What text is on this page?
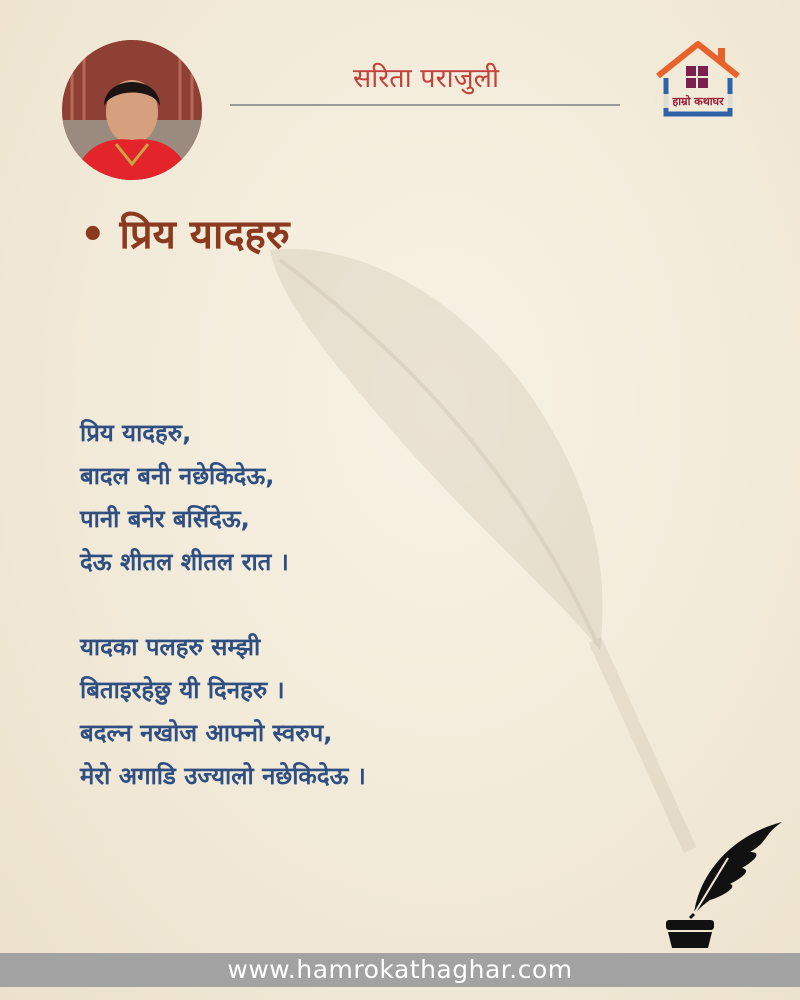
सरिता पराजुली
हाम्रो कथाघर
• प्रिय यादहरु
प्रिय यादहरु,
बादल बनी नछेकिदेऊ,
पानी बनेर बर्सिदेऊ,
देऊ शीतल शीतल रात ।
यादका पलहरु सम्झी
बिताइरहेछु यी दिनहरु ।
बदल्न नखोज आफ्नो स्वरुप,
मेरो अगाडि उज्यालो नछेकिदेऊ ।
www.hamrokathaghar.com
